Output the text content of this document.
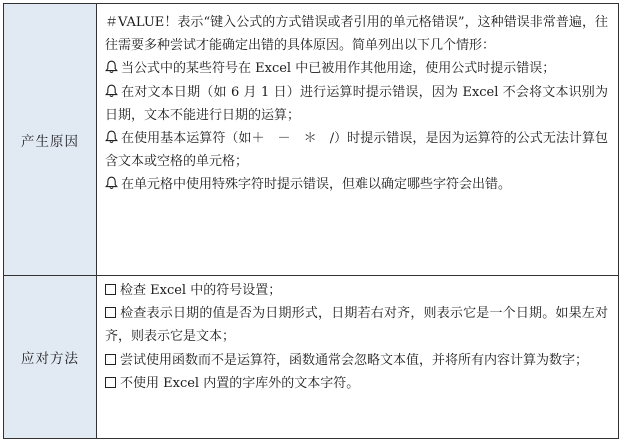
产生原因

＃VALUE！表示“键入公式的方式错误或者引用的单元格错误”，这种错误非常普遍，往往需要多种尝试才能确定出错的具体原因。简单列出以下几个情形：

当公式中的某些符号在 Excel 中已被用作其他用途，使用公式时提示错误；

在对文本日期（如 6 月 1 日）进行运算时提示错误，因为 Excel 不会将文本识别为日期，文本不能进行日期的运算；

在使用基本运算符（如＋　－　＊　/）时提示错误，是因为运算符的公式无法计算包含文本或空格的单元格；

在单元格中使用特殊字符时提示错误，但难以确定哪些字符会出错。

应对方法

检查 Excel 中的符号设置；

检查表示日期的值是否为日期形式，日期若右对齐，则表示它是一个日期。如果左对齐，则表示它是文本；

尝试使用函数而不是运算符，函数通常会忽略文本值，并将所有内容计算为数字；

不使用 Excel 内置的字库外的文本字符。
